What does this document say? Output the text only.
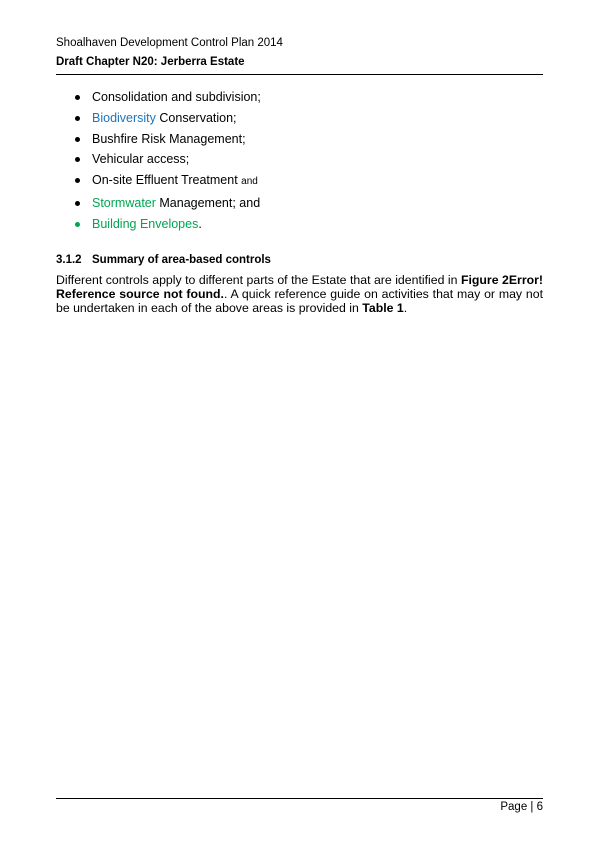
Shoalhaven Development Control Plan 2014
Draft Chapter N20: Jerberra Estate
Consolidation and subdivision;
Biodiversity Conservation;
Bushfire Risk Management;
Vehicular access;
On-site Effluent Treatment and
Stormwater Management; and
Building Envelopes.
3.1.2 Summary of area-based controls

Different controls apply to different parts of the Estate that are identified in Figure 2Error! Reference source not found.. A quick reference guide on activities that may or may not be undertaken in each of the above areas is provided in Table 1.

Page | 6
